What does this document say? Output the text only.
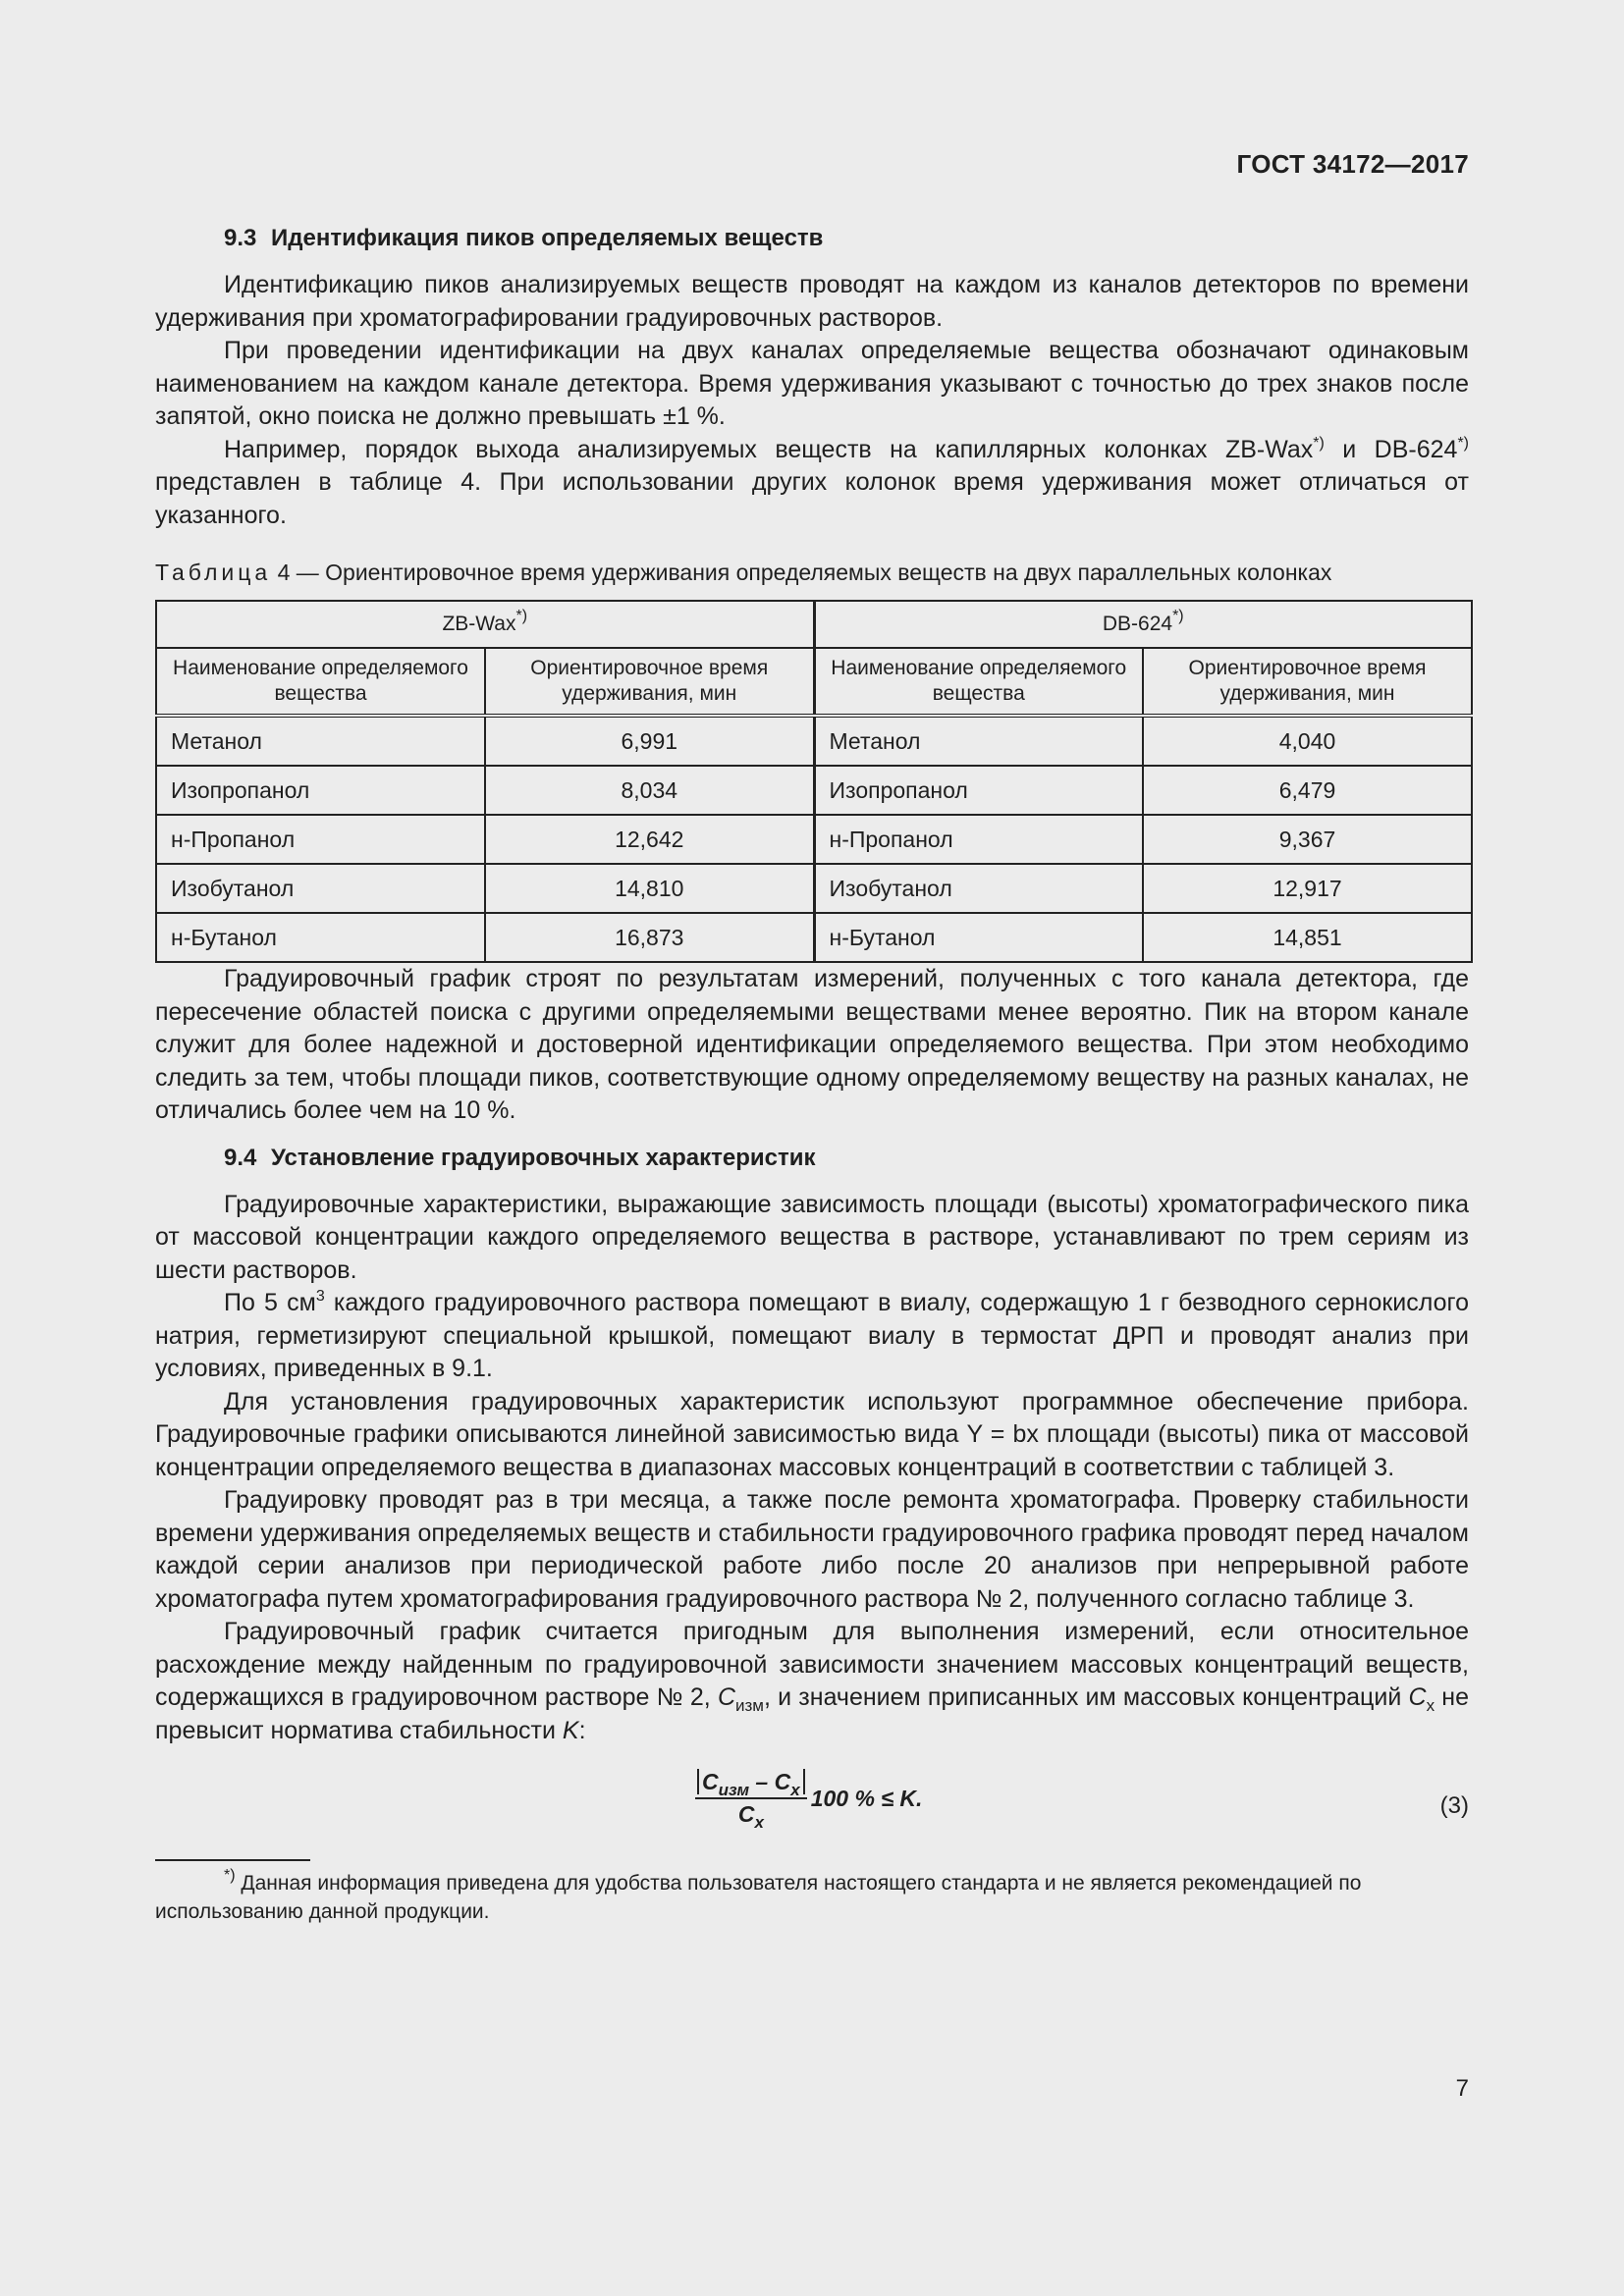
ГОСТ 34172—2017
9.3 Идентификация пиков определяемых веществ

Идентификацию пиков анализируемых веществ проводят на каждом из каналов детекторов по времени удерживания при хроматографировании градуировочных растворов.

При проведении идентификации на двух каналах определяемые вещества обозначают одинаковым наименованием на каждом канале детектора. Время удерживания указывают с точностью до трех знаков после запятой, окно поиска не должно превышать ±1 %.

Например, порядок выхода анализируемых веществ на капиллярных колонках ZB-Wax*) и DB-624*) представлен в таблице 4. При использовании других колонок время удерживания может отличаться от указанного.

Таблица 4 — Ориентировочное время удерживания определяемых веществ на двух параллельных колонках
ZB-Wax*)		DB-624*)
Наименование определяемого вещества	Ориентировочное время удерживания, мин	Наименование определяемого вещества	Ориентировочное время удерживания, мин
Метанол	6,991	Метанол	4,040
Изопропанол	8,034	Изопропанол	6,479
н-Пропанол	12,642	н-Пропанол	9,367
Изобутанол	14,810	Изобутанол	12,917
н-Бутанол	16,873	н-Бутанол	14,851

Градуировочный график строят по результатам измерений, полученных с того канала детектора, где пересечение областей поиска с другими определяемыми веществами менее вероятно. Пик на втором канале служит для более надежной и достоверной идентификации определяемого вещества. При этом необходимо следить за тем, чтобы площади пиков, соответствующие одному определяемому веществу на разных каналах, не отличались более чем на 10 %.

9.4 Установление градуировочных характеристик

Градуировочные характеристики, выражающие зависимость площади (высоты) хроматографического пика от массовой концентрации каждого определяемого вещества в растворе, устанавливают по трем сериям из шести растворов.

По 5 $см^3$ каждого градуировочного раствора помещают в виалу, содержащую 1 г безводного сернокислого натрия, герметизируют специальной крышкой, помещают виалу в термостат ДРП и проводят анализ при условиях, приведенных в 9.1.

Для установления градуировочных характеристик используют программное обеспечение прибора. Градуировочные графики описываются линейной зависимостью вида Y = bx площади (высоты) пика от массовой концентрации определяемого вещества в диапазонах массовых концентраций в соответствии с таблицей 3.

Градуировку проводят раз в три месяца, а также после ремонта хроматографа. Проверку стабильности времени удерживания определяемых веществ и стабильности градуировочного графика проводят перед началом каждой серии анализов при периодической работе либо после 20 анализов при непрерывной работе хроматографа путем хроматографирования градуировочного раствора № 2, полученного согласно таблице 3.

Градуировочный график считается пригодным для выполнения измерений, если относительное расхождение между найденным по градуировочной зависимости значением массовых концентраций веществ, содержащихся в градуировочном растворе № 2, $C_{изм}$, и значением приписанных им массовых концентраций $C_x$ не превысит норматива стабильности K:

$\frac{C_{изм} - C_x}{C_x} 100$ % ≤ K.	(3)
*) Данная информация приведена для удобства пользователя настоящего стандарта и не является рекомендацией по использованию данной продукции.
7
